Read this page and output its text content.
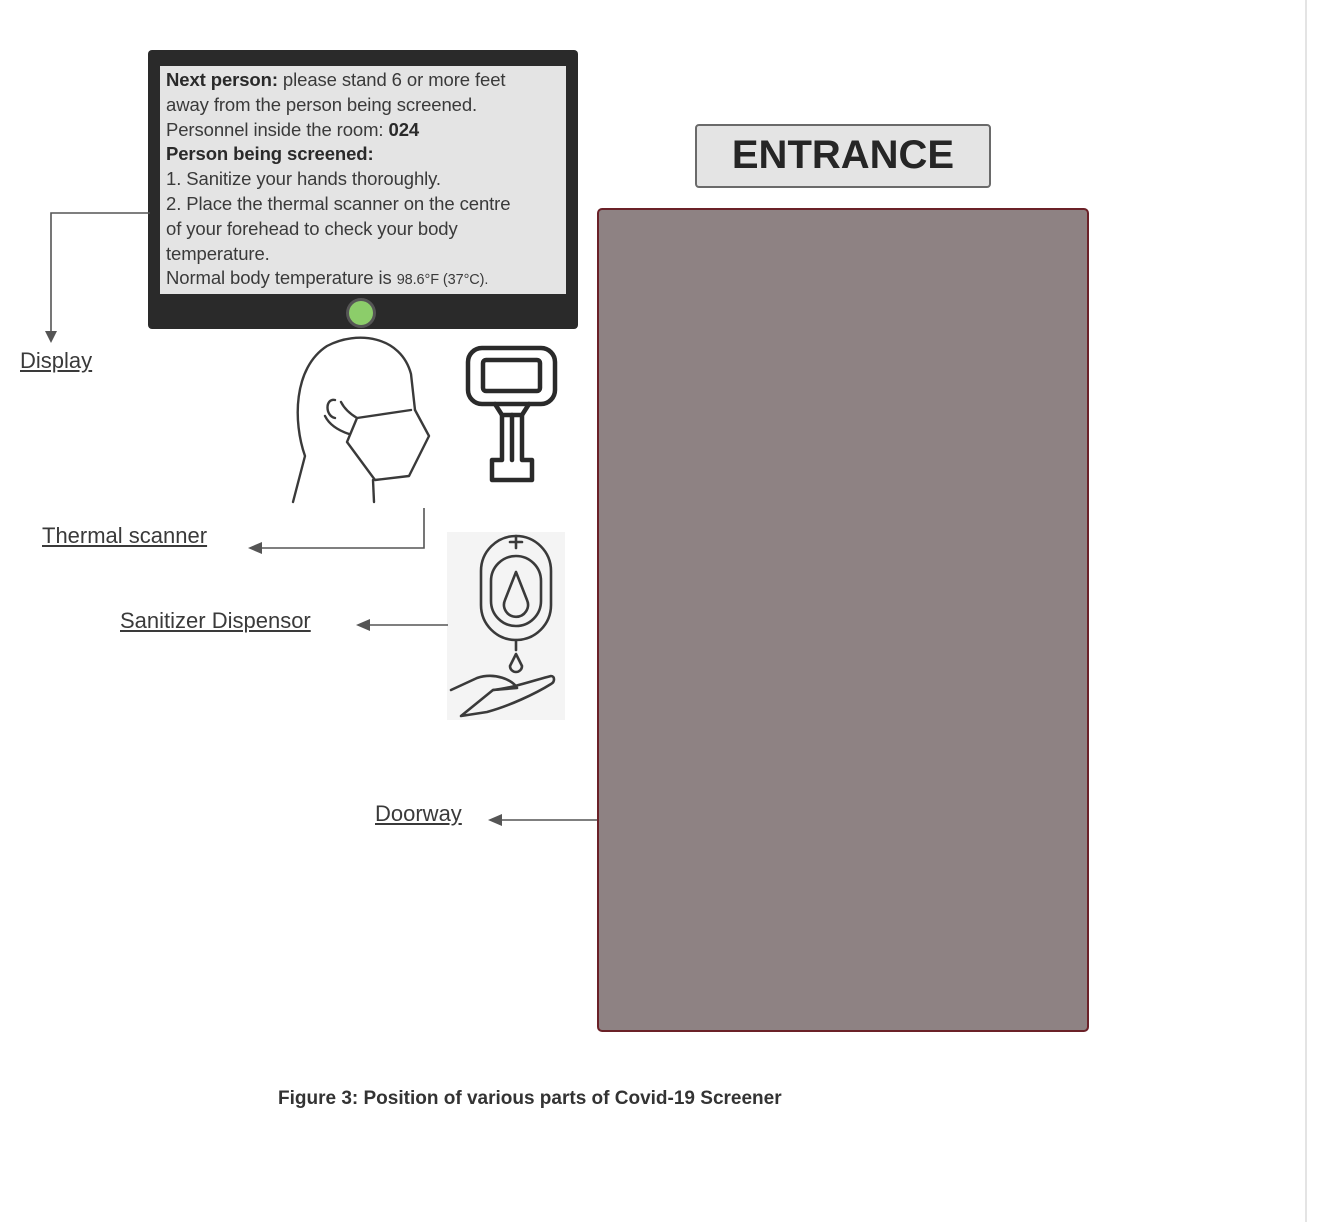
Next person: please stand 6 or more feet
away from the person being screened.
Personnel inside the room: 024
Person being screened:
1. Sanitize your hands thoroughly.
2. Place the thermal scanner on the centre
of your forehead to check your body
temperature.
Normal body temperature is 98.6°F (37°C).
ENTRANCE
Display
Thermal scanner
Sanitizer Dispensor
Doorway
Figure 3: Position of various parts of Covid-19 Screener
